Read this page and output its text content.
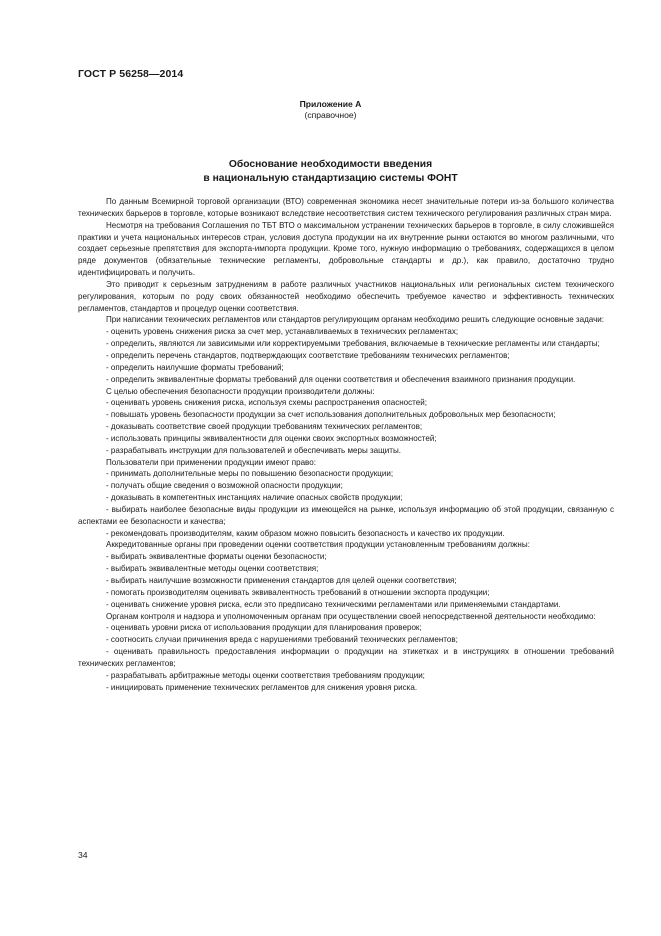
ГОСТ Р 56258—2014
Приложение А
(справочное)
Обоснование необходимости введения
в национальную стандартизацию системы ФОНТ

По данным Всемирной торговой организации (ВТО) современная экономика несет значительные потери из-за большого количества технических барьеров в торговле, которые возникают вследствие несоответствия систем технического регулирования различных стран мира.

Несмотря на требования Соглашения по ТБТ ВТО о максимальном устранении технических барьеров в торговле, в силу сложившейся практики и учета национальных интересов стран, условия доступа продукции на их внутренние рынки остаются во многом различными, что создает серьезные препятствия для экспорта-импорта продукции. Кроме того, нужную информацию о требованиях, содержащихся в целом ряде документов (обязательные технические регламенты, добровольные стандарты и др.), как правило, достаточно трудно идентифицировать и получить.

Это приводит к серьезным затруднениям в работе различных участников национальных или региональных систем технического регулирования, которым по роду своих обязанностей необходимо обеспечить требуемое качество и эффективность технических регламентов, стандартов и процедур оценки соответствия.

При написании технических регламентов или стандартов регулирующим органам необходимо решить следующие основные задачи:

- оценить уровень снижения риска за счет мер, устанавливаемых в технических регламентах;

- определить, являются ли зависимыми или корректируемыми требования, включаемые в технические регламенты или стандарты;

- определить перечень стандартов, подтверждающих соответствие требованиям технических регламентов;

- определить наилучшие форматы требований;

- определить эквивалентные форматы требований для оценки соответствия и обеспечения взаимного признания продукции.

С целью обеспечения безопасности продукции производители должны:

- оценивать уровень снижения риска, используя схемы распространения опасностей;

- повышать уровень безопасности продукции за счет использования дополнительных добровольных мер безопасности;

- доказывать соответствие своей продукции требованиям технических регламентов;

- использовать принципы эквивалентности для оценки своих экспортных возможностей;

- разрабатывать инструкции для пользователей и обеспечивать меры защиты.

Пользователи при применении продукции имеют право:

- принимать дополнительные меры по повышению безопасности продукции;

- получать общие сведения о возможной опасности продукции;

- доказывать в компетентных инстанциях наличие опасных свойств продукции;

- выбирать наиболее безопасные виды продукции из имеющейся на рынке, используя информацию об этой продукции, связанную с аспектами ее безопасности и качества;

- рекомендовать производителям, каким образом можно повысить безопасность и качество их продукции.

Аккредитованные органы при проведении оценки соответствия продукции установленным требованиям должны:

- выбирать эквивалентные форматы оценки безопасности;

- выбирать эквивалентные методы оценки соответствия;

- выбирать наилучшие возможности применения стандартов для целей оценки соответствия;

- помогать производителям оценивать эквивалентность требований в отношении экспорта продукции;

- оценивать снижение уровня риска, если это предписано техническими регламентами или применяемыми стандартами.

Органам контроля и надзора и уполномоченным органам при осуществлении своей непосредственной деятельности необходимо:

- оценивать уровни риска от использования продукции для планирования проверок;

- соотносить случаи причинения вреда с нарушениями требований технических регламентов;

- оценивать правильность предоставления информации о продукции на этикетках и в инструкциях в отношении требований технических регламентов;

- разрабатывать арбитражные методы оценки соответствия требованиям продукции;

- инициировать применение технических регламентов для снижения уровня риска.

34
